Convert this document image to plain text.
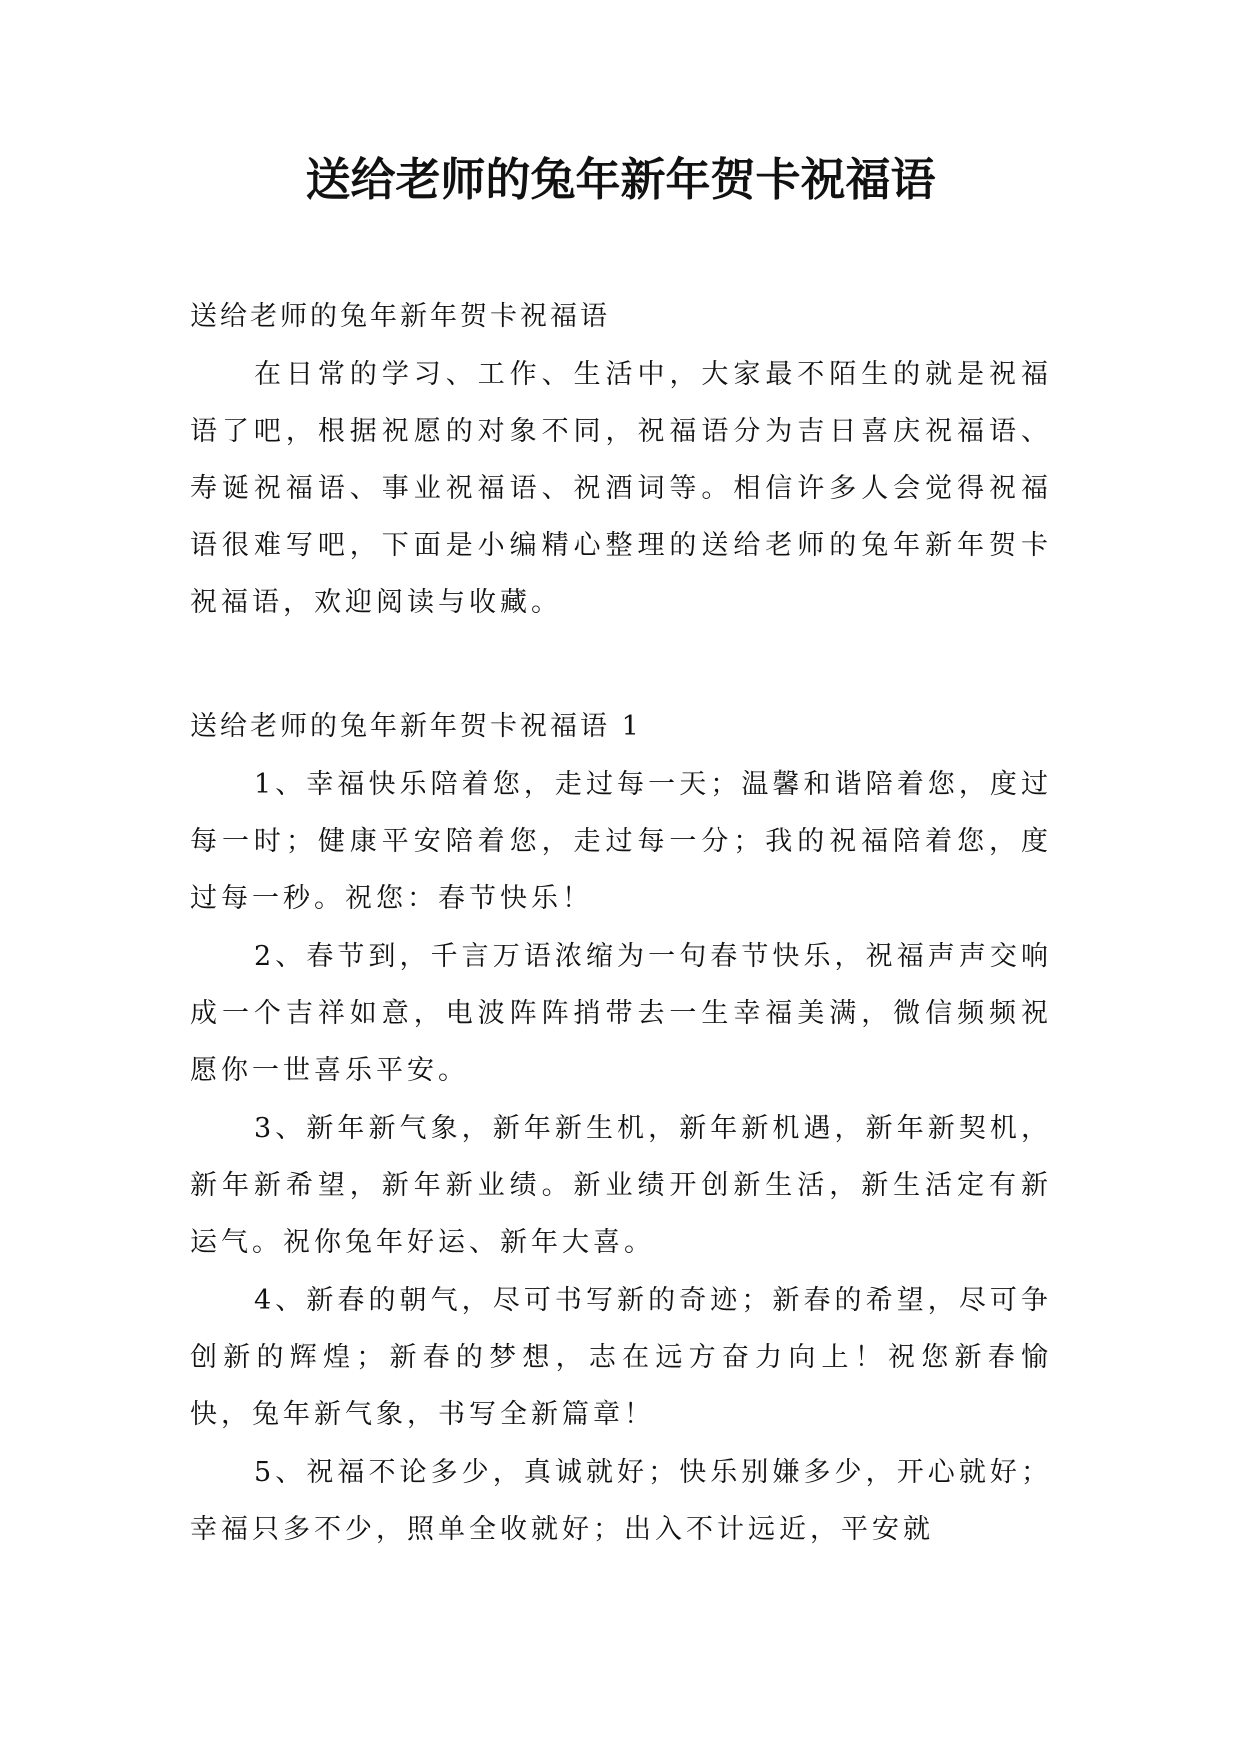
送给老师的兔年新年贺卡祝福语

送给老师的兔年新年贺卡祝福语

在日常的学习、工作、生活中，大家最不陌生的就是祝福语了吧，根据祝愿的对象不同，祝福语分为吉日喜庆祝福语、寿诞祝福语、事业祝福语、祝酒词等。相信许多人会觉得祝福语很难写吧，下面是小编精心整理的送给老师的兔年新年贺卡祝福语，欢迎阅读与收藏。

送给老师的兔年新年贺卡祝福语 1

1、幸福快乐陪着您，走过每一天；温馨和谐陪着您，度过每一时；健康平安陪着您，走过每一分；我的祝福陪着您，度过每一秒。祝您：春节快乐！

2、春节到，千言万语浓缩为一句春节快乐，祝福声声交响成一个吉祥如意，电波阵阵捎带去一生幸福美满，微信频频祝愿你一世喜乐平安。

3、新年新气象，新年新生机，新年新机遇，新年新契机，新年新希望，新年新业绩。新业绩开创新生活，新生活定有新运气。祝你兔年好运、新年大喜。

4、新春的朝气，尽可书写新的奇迹；新春的希望，尽可争创新的辉煌；新春的梦想，志在远方奋力向上！祝您新春愉快，兔年新气象，书写全新篇章！

5、祝福不论多少，真诚就好；快乐别嫌多少，开心就好；幸福只多不少，照单全收就好；出入不计远近，平安就
